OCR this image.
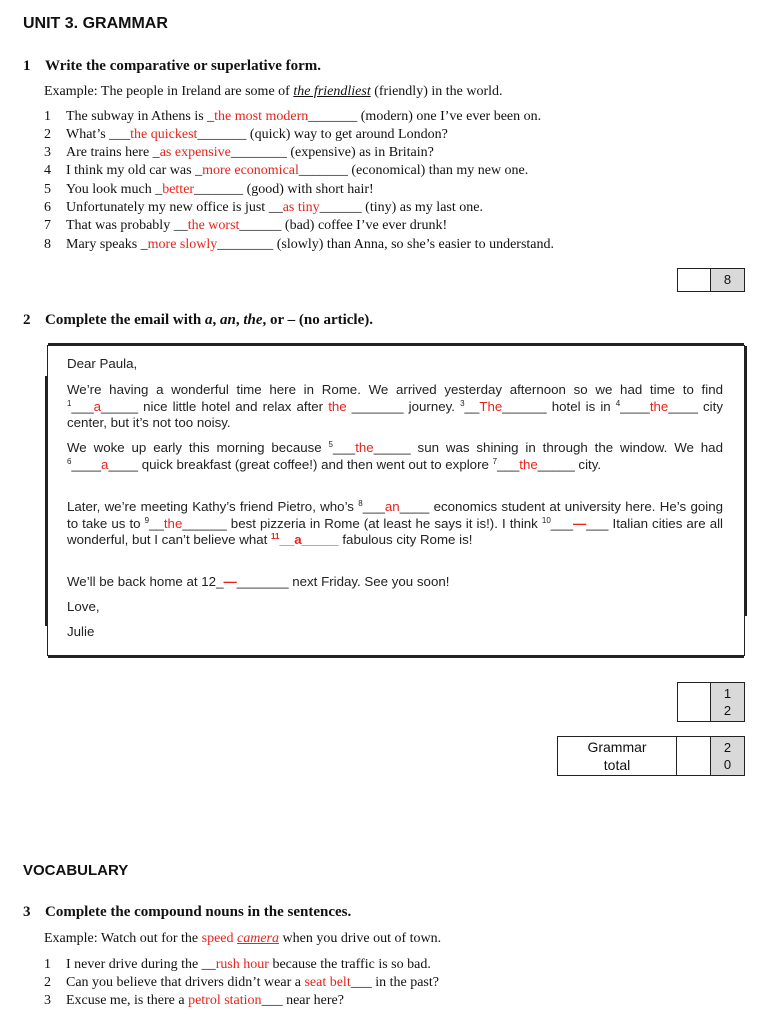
UNIT 3. GRAMMAR
1 Write the comparative or superlative form.
Example: The people in Ireland are some of the friendliest (friendly) in the world.
1 The subway in Athens is _the most modern_______ (modern) one I’ve ever been on.
2 What’s ___the quickest_______ (quick) way to get around London?
3 Are trains here _as expensive________ (expensive) as in Britain?
4 I think my old car was _more economical_______ (economical) than my new one.
5 You look much _better_______ (good) with short hair!
6 Unfortunately my new office is just __as tiny______ (tiny) as my last one.
7 That was probably __the worst______ (bad) coffee I’ve ever drunk!
8 Mary speaks _more slowly________ (slowly) than Anna, so she’s easier to understand.
8
2 Complete the email with a, an, the, or – (no article).
Dear Paula,
We’re having a wonderful time here in Rome. We arrived yesterday afternoon so we had time to find $^1$___a_____ nice little hotel and relax after the _______ journey. $^3$__The______ hotel is in $^4$____the____ city center, but it’s not too noisy.
We woke up early this morning because $^5$___the_____ sun was shining in through the window. We had $^6$____a____ quick breakfast (great coffee!) and then went out to explore $^7$___the_____ city.
Later, we’re meeting Kathy’s friend Pietro, who’s $^8$___an____ economics student at university here. He’s going to take us to $^9$__the______ best pizzeria in Rome (at least he says it is!). I think $^{10}$___—___ Italian cities are all wonderful, but I can’t believe what $^{11}$__a_____ fabulous city Rome is!
We’ll be back home at 12_—_______ next Friday. See you soon!
Love,
Julie
12
Grammar
total
20
VOCABULARY
3 Complete the compound nouns in the sentences.
Example: Watch out for the speed camera when you drive out of town.
1 I never drive during the __rush hour because the traffic is so bad.
2 Can you believe that drivers didn’t wear a seat belt___ in the past?
3 Excuse me, is there a petrol station___ near here?
